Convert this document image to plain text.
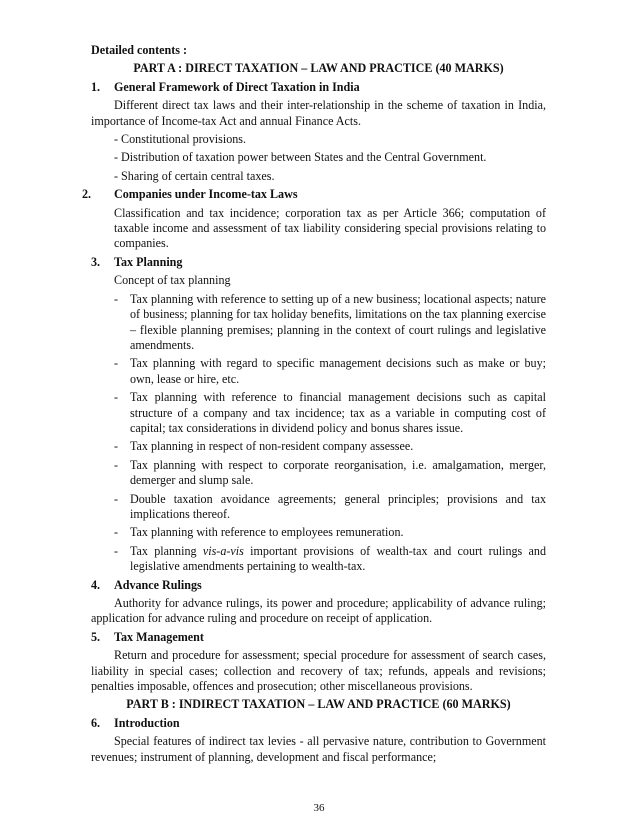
Detailed contents :

PART A : DIRECT TAXATION – LAW AND PRACTICE (40 MARKS)

1.	General Framework of Direct Taxation in India

Different direct tax laws and their inter-relationship in the scheme of taxation in India, importance of Income-tax Act and annual Finance Acts.

- Constitutional provisions.

- Distribution of taxation power between States and the Central Government.

- Sharing of certain central taxes.

2.	Companies under Income-tax Laws

Classification and tax incidence; corporation tax as per Article 366; computation of taxable income and assessment of tax liability considering special provisions relating to companies.

3.	Tax Planning

Concept of tax planning

- Tax planning with reference to setting up of a new business; locational aspects; nature of business; planning for tax holiday benefits, limitations on the tax planning exercise – flexible planning premises; planning in the context of court rulings and legislative amendments.
- Tax planning with regard to specific management decisions such as make or buy; own, lease or hire, etc.
- Tax planning with reference to financial management decisions such as capital structure of a company and tax incidence; tax as a variable in computing cost of capital; tax considerations in dividend policy and bonus shares issue.
- Tax planning in respect of non-resident company assessee.
- Tax planning with respect to corporate reorganisation, i.e. amalgamation, merger, demerger and slump sale.
- Double taxation avoidance agreements; general principles; provisions and tax implications thereof.
- Tax planning with reference to employees remuneration.
- Tax planning vis-a-vis important provisions of wealth-tax and court rulings and legislative amendments pertaining to wealth-tax.
4.	Advance Rulings

Authority for advance rulings, its power and procedure; applicability of advance ruling; application for advance ruling and procedure on receipt of application.

5.	Tax Management

Return and procedure for assessment; special procedure for assessment of search cases, liability in special cases; collection and recovery of tax; refunds, appeals and revisions; penalties imposable, offences and prosecution; other miscellaneous provisions.

PART B : INDIRECT TAXATION – LAW AND PRACTICE (60 MARKS)

6.	Introduction

Special features of indirect tax levies - all pervasive nature, contribution to Government revenues; instrument of planning, development and fiscal performance;

36
